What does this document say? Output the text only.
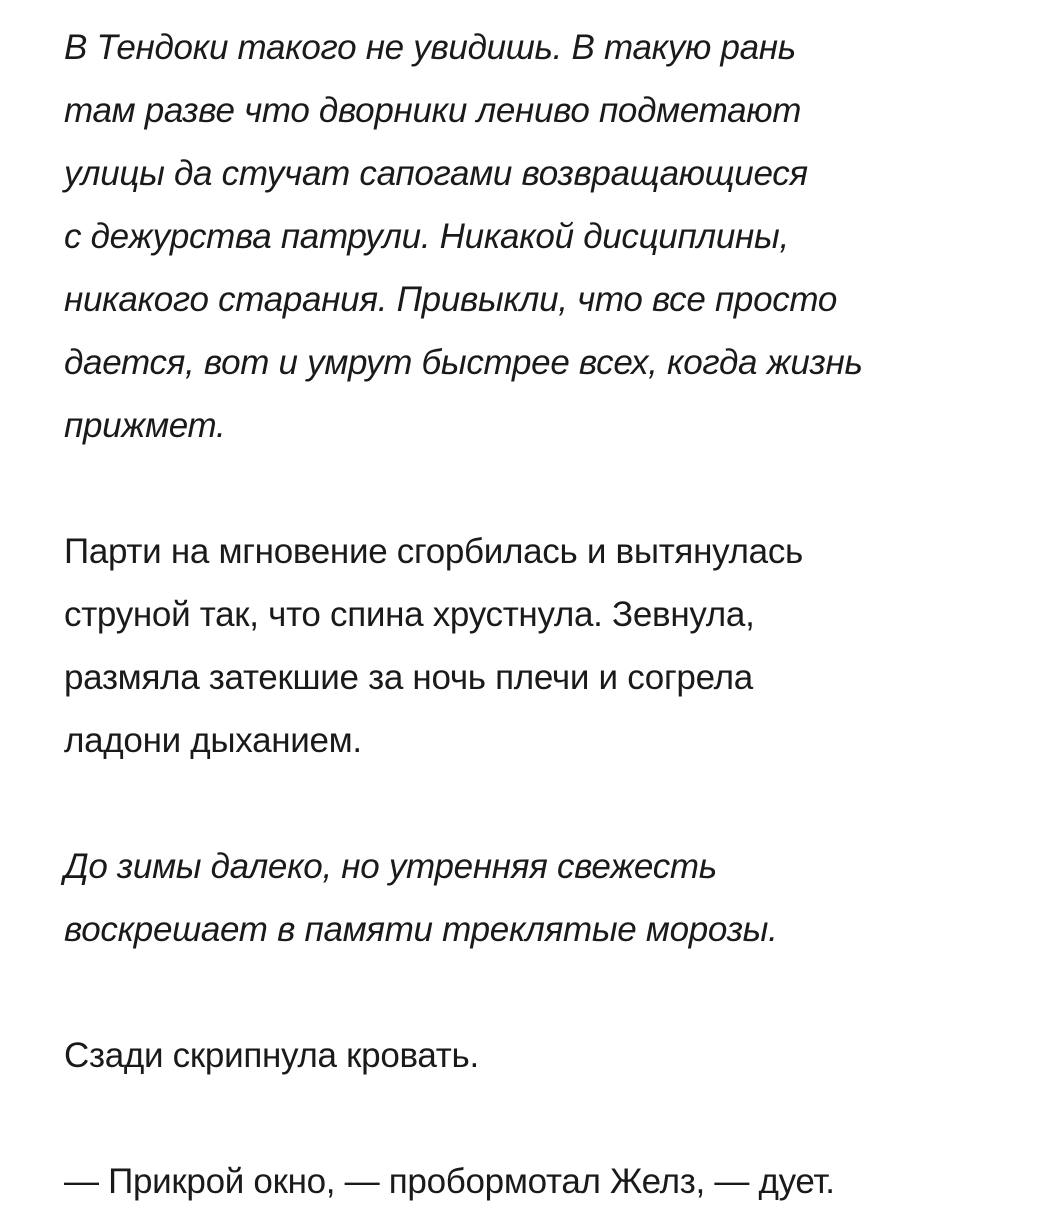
В Тендоки такого не увидишь. В такую рань
там разве что дворники лениво подметают
улицы да стучат сапогами возвращающиеся
с дежурства патрули. Никакой дисциплины,
никакого старания. Привыкли, что все просто
дается, вот и умрут быстрее всех, когда жизнь
прижмет.
Парти на мгновение сгорбилась и вытянулась
струной так, что спина хрустнула. Зевнула,
размяла затекшие за ночь плечи и согрела
ладони дыханием.
До зимы далеко, но утренняя свежесть
воскрешает в памяти треклятые морозы.
Сзади скрипнула кровать.
— Прикрой окно, — пробормотал Желз, — дует.
